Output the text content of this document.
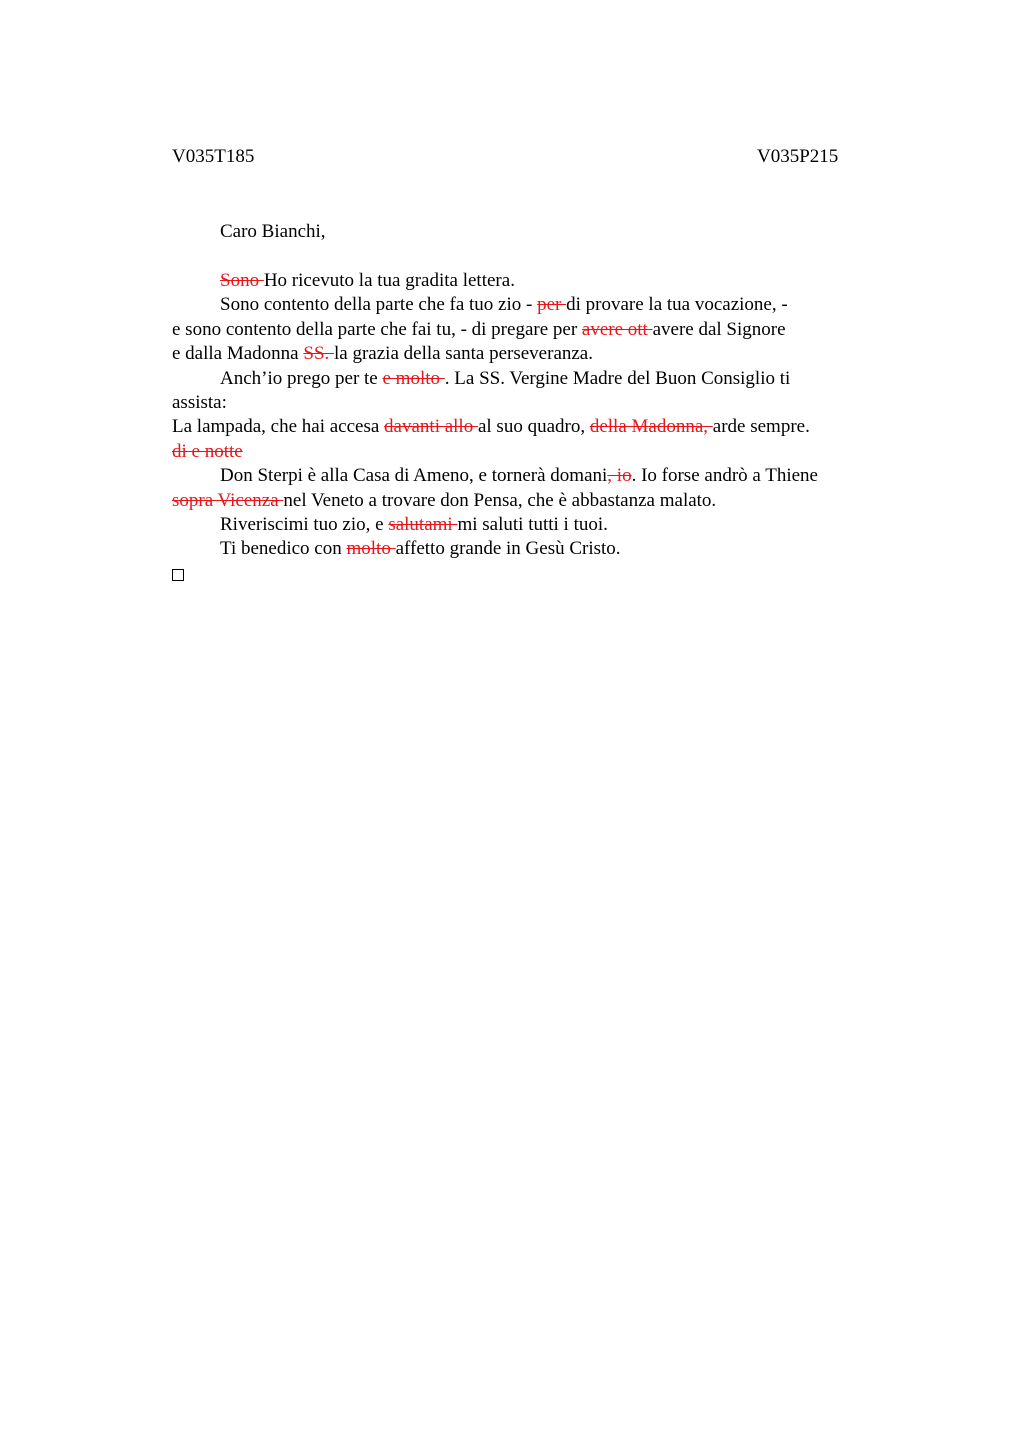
V035T185	V035P215
Caro Bianchi,
Sono Ho ricevuto la tua gradita lettera.
Sono contento della parte che fa tuo zio - per di provare la tua vocazione, -
e sono contento della parte che fai tu, - di pregare per avere ott avere dal Signore
e dalla Madonna SS. la grazia della santa perseveranza.
Anch’io prego per te e molto . La SS. Vergine Madre del Buon Consiglio ti
assista:
La lampada, che hai accesa davanti allo al suo quadro, della Madonna, arde sempre.
di e notte
Don Sterpi è alla Casa di Ameno, e tornerà domani, io. Io forse andrò a Thiene
sopra Vicenza nel Veneto a trovare don Pensa, che è abbastanza malato.
Riveriscimi tuo zio, e salutami mi saluti tutti i tuoi.
Ti benedico con molto affetto grande in Gesù Cristo.
